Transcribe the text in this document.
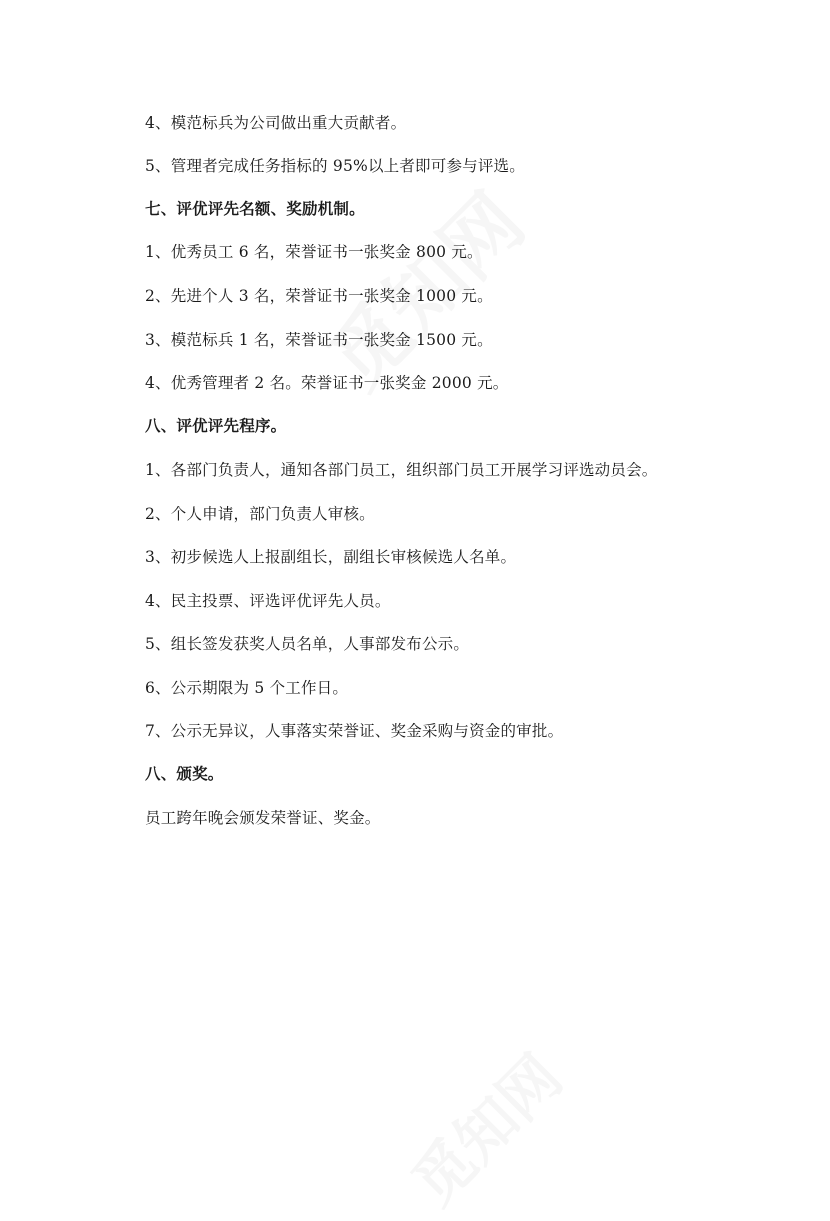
4、模范标兵为公司做出重大贡献者。
5、管理者完成任务指标的 95%以上者即可参与评选。
七、评优评先名额、奖励机制。
1、优秀员工 6 名，荣誉证书一张奖金 800 元。
2、先进个人 3 名，荣誉证书一张奖金 1000 元。
3、模范标兵 1 名，荣誉证书一张奖金 1500 元。
4、优秀管理者 2 名。荣誉证书一张奖金 2000 元。
八、评优评先程序。
1、各部门负责人，通知各部门员工，组织部门员工开展学习评选动员会。
2、个人申请，部门负责人审核。
3、初步候选人上报副组长，副组长审核候选人名单。
4、民主投票、评选评优评先人员。
5、组长签发获奖人员名单，人事部发布公示。
6、公示期限为 5 个工作日。
7、公示无异议，人事落实荣誉证、奖金采购与资金的审批。
八、颁奖。
员工跨年晚会颁发荣誉证、奖金。
